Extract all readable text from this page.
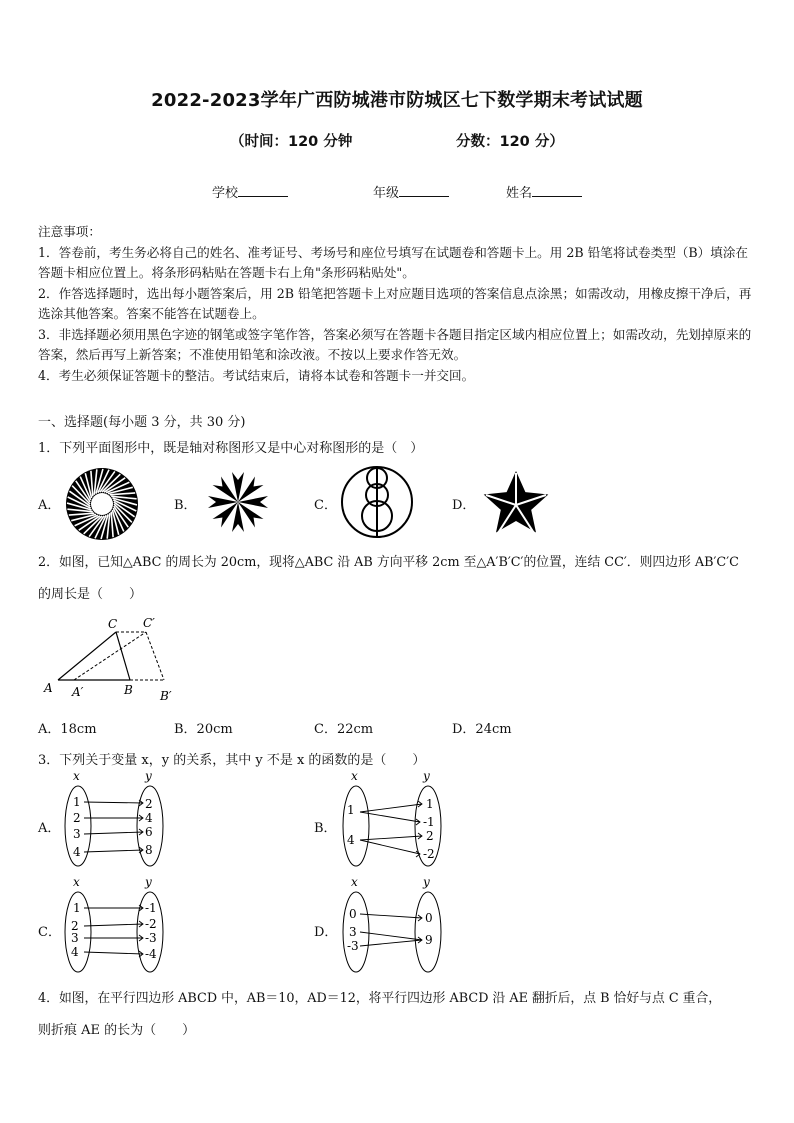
2022-2023学年广西防城港市防城区七下数学期末考试试题
（时间：120 分钟	分数：120 分）
学校	年级	姓名

注意事项：

1．答卷前，考生务必将自己的姓名、准考证号、考场号和座位号填写在试题卷和答题卡上。用 2B 铅笔将试卷类型（B）填涂在答题卡相应位置上。将条形码粘贴在答题卡右上角"条形码粘贴处"。

2．作答选择题时，选出每小题答案后，用 2B 铅笔把答题卡上对应题目选项的答案信息点涂黑；如需改动，用橡皮擦干净后，再选涂其他答案。答案不能答在试题卷上。

3．非选择题必须用黑色字迹的钢笔或签字笔作答，答案必须写在答题卡各题目指定区域内相应位置上；如需改动，先划掉原来的答案，然后再写上新答案；不准使用铅笔和涂改液。不按以上要求作答无效。

4．考生必须保证答题卡的整洁。考试结束后，请将本试卷和答题卡一并交回。

一、选择题(每小题 3 分，共 30 分)
1．下列平面图形中，既是轴对称图形又是中心对称图形的是（　）
A．	B．	C．	D．
2．如图，已知△ABC 的周长为 20cm，现将△ABC 沿 AB 方向平移 2cm 至△A′B′C′的位置，连结 CC′．则四边形 AB′C′C
的周长是（　　）
A A′	B B′
C C′
A．18cm	B．20cm	C．22cm	D．24cm
3．下列关于变量 x，y 的关系，其中 y 不是 x 的函数的是（　　）
A．	B．
C．	D．
x	y
1
2
3
4
2
4
6
8
x	y
1
4
1
-1
2
-2
x	y
1
2
3
4
-1
-2
-3
-4
x	y
0
3
-3
0
9
4．如图，在平行四边形 ABCD 中，AB＝10，AD＝12，将平行四边形 ABCD 沿 AE 翻折后，点 B 恰好与点 C 重合，
则折痕 AE 的长为（　　）
